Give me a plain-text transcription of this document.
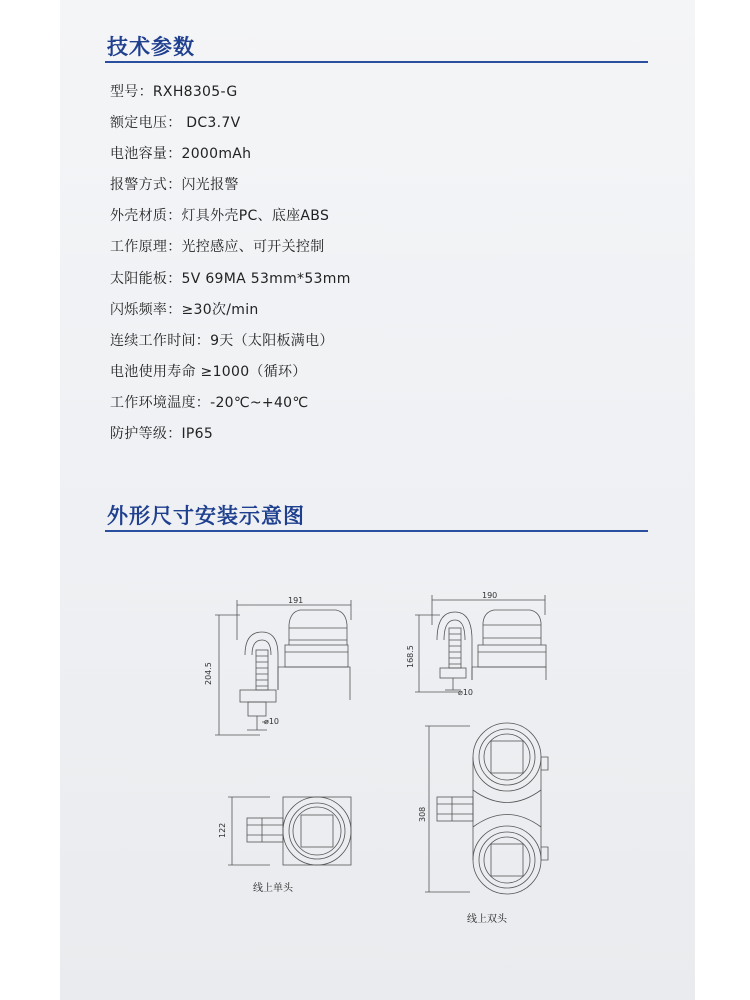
技术参数
型号：RXH8305-G
额定电压： DC3.7V
电池容量：2000mAh
报警方式：闪光报警
外壳材质：灯具外壳PC、底座ABS
工作原理：光控感应、可开关控制
太阳能板：5V 69MA 53mm*53mm
闪烁频率：≥30次/min
连续工作时间：9天（太阳板满电）
电池使用寿命 ≥1000（循环）
工作环境温度：-20℃~+40℃
防护等级：IP65
外形尺寸安装示意图
191
204.5
⌀10
122
190
168.5
⌀10
308
线上单头
线上双头
